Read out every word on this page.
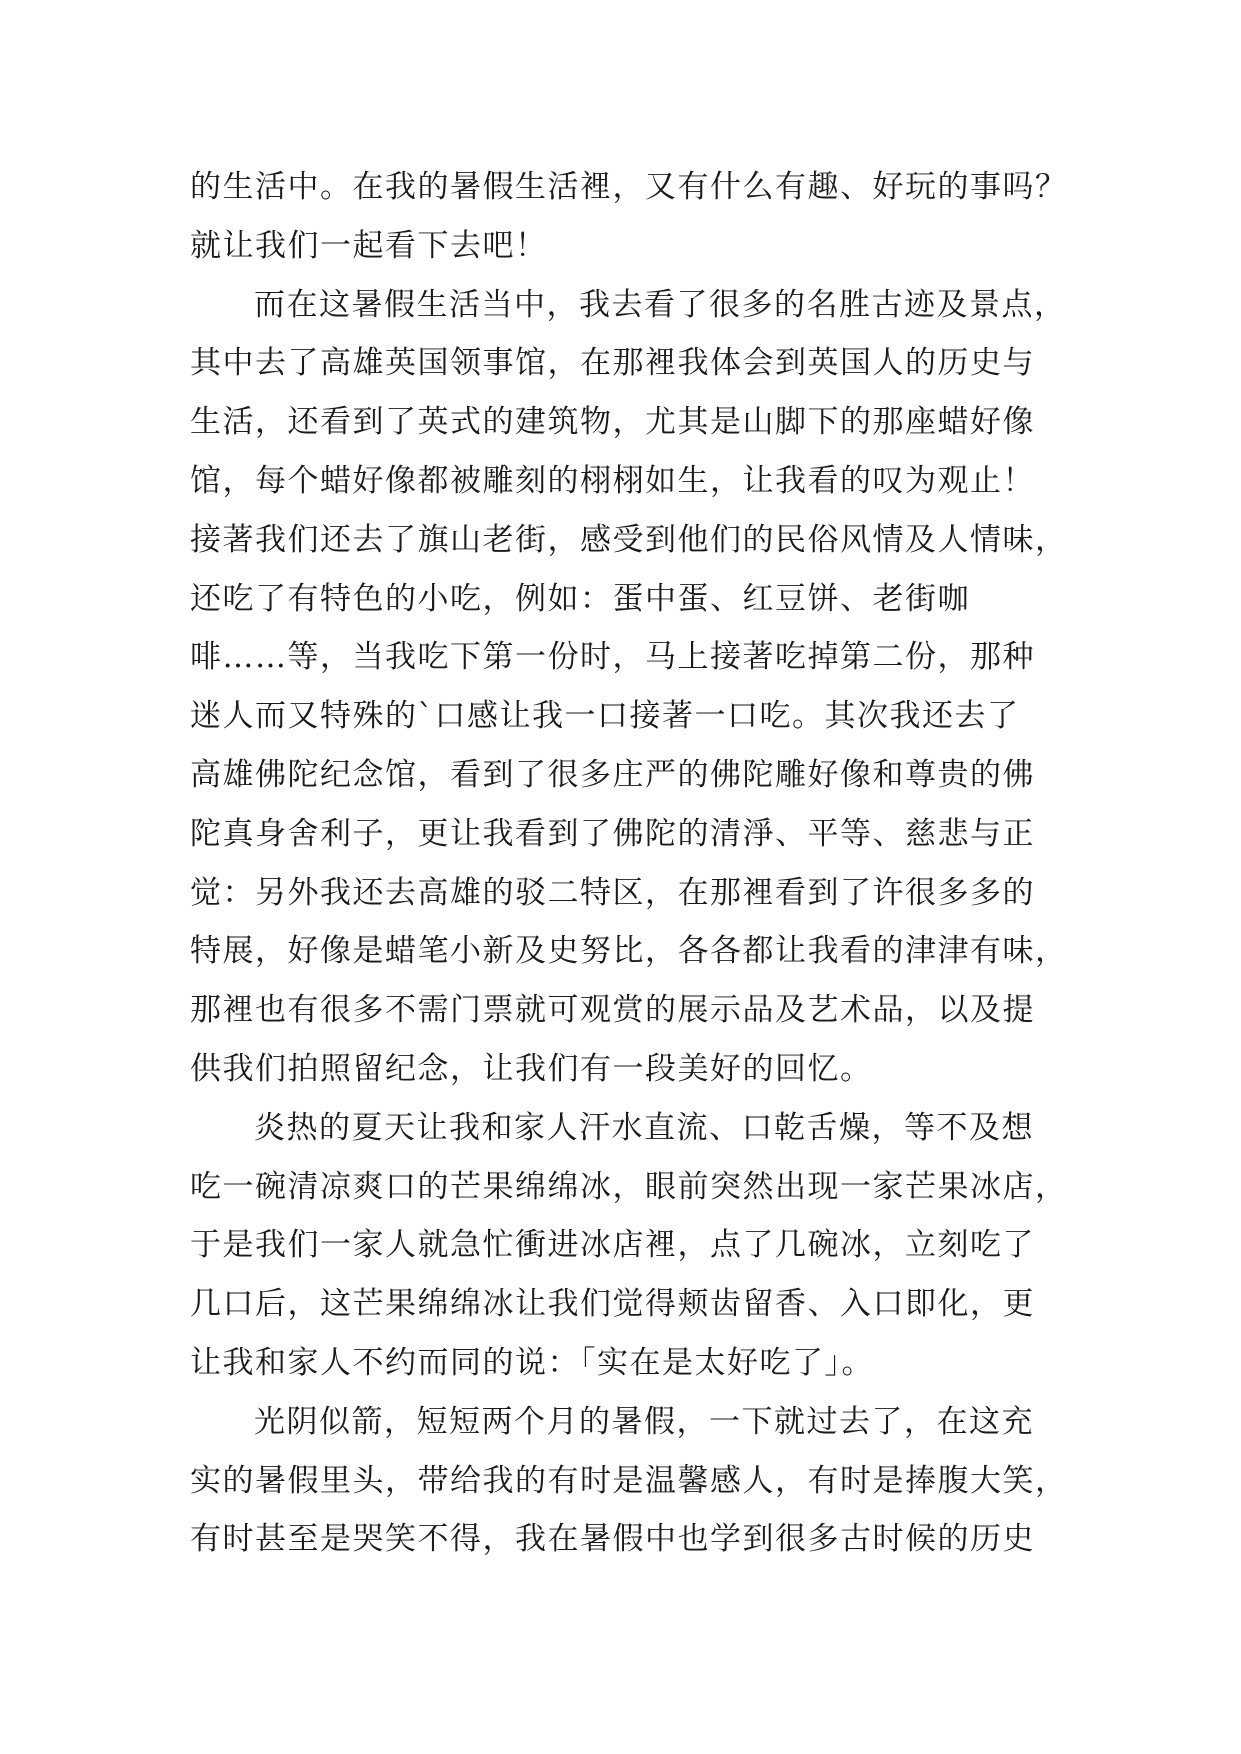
的生活中。在我的暑假生活裡，又有什么有趣、好玩的事吗？
就让我们一起看下去吧！
而在这暑假生活当中，我去看了很多的名胜古迹及景点，
其中去了高雄英国领事馆，在那裡我体会到英国人的历史与
生活，还看到了英式的建筑物，尤其是山脚下的那座蜡好像
馆，每个蜡好像都被雕刻的栩栩如生，让我看的叹为观止！
接著我们还去了旗山老街，感受到他们的民俗风情及人情味，
还吃了有特色的小吃，例如：蛋中蛋、红豆饼、老街咖
啡……等，当我吃下第一份时，马上接著吃掉第二份，那种
迷人而又特殊的`口感让我一口接著一口吃。其次我还去了
高雄佛陀纪念馆，看到了很多庄严的佛陀雕好像和尊贵的佛
陀真身舍利子，更让我看到了佛陀的清淨、平等、慈悲与正
觉：另外我还去高雄的驳二特区，在那裡看到了许很多多的
特展，好像是蜡笔小新及史努比，各各都让我看的津津有味，
那裡也有很多不需门票就可观赏的展示品及艺术品，以及提
供我们拍照留纪念，让我们有一段美好的回忆。
炎热的夏天让我和家人汗水直流、口乾舌燥，等不及想
吃一碗清凉爽口的芒果绵绵冰，眼前突然出现一家芒果冰店，
于是我们一家人就急忙衝进冰店裡，点了几碗冰，立刻吃了
几口后，这芒果绵绵冰让我们觉得颊齿留香、入口即化，更
让我和家人不约而同的说：「实在是太好吃了」。
光阴似箭，短短两个月的暑假，一下就过去了，在这充
实的暑假里头，带给我的有时是温馨感人，有时是捧腹大笑，
有时甚至是哭笑不得，我在暑假中也学到很多古时候的历史
